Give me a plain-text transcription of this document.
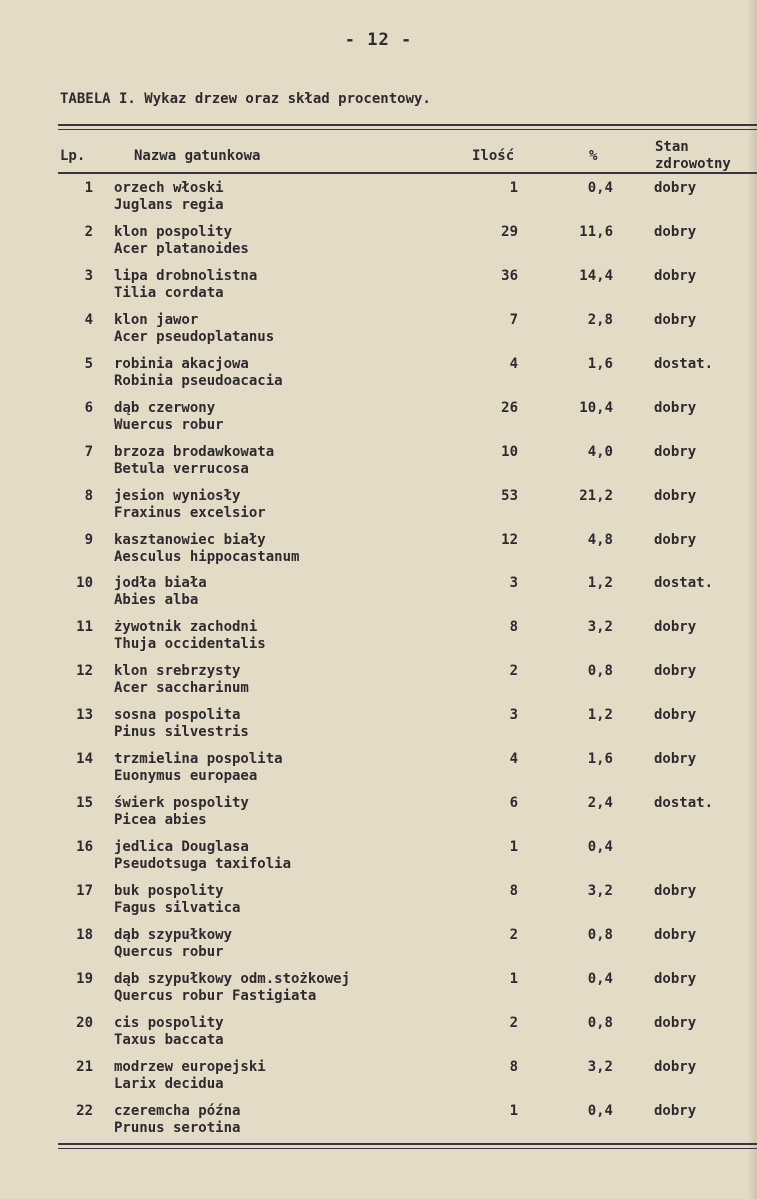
- 12 -
TABELA I. Wykaz drzew oraz skład procentowy.
Lp.	Nazwa gatunkowa	Ilość	%
Stan
zdrowotny
1 orzech włoski
Juglans regia
1	0,4	dobry
2 klon pospolity
Acer platanoides
29	11,6	dobry
3 lipa drobnolistna
Tilia cordata
36	14,4	dobry
4 klon jawor
Acer pseudoplatanus
7	2,8	dobry
5 robinia akacjowa
Robinia pseudoacacia
4	1,6	dostat.
6 dąb czerwony
Wuercus robur
26	10,4	dobry
7 brzoza brodawkowata
Betula verrucosa
10	4,0	dobry
8 jesion wyniosły
Fraxinus excelsior
53	21,2	dobry
9 kasztanowiec biały
Aesculus hippocastanum
12	4,8	dobry
10 jodła biała
Abies alba
3	1,2	dostat.
11 żywotnik zachodni
Thuja occidentalis
8	3,2	dobry
12 klon srebrzysty
Acer saccharinum
2	0,8	dobry
13 sosna pospolita
Pinus silvestris
3	1,2	dobry
14 trzmielina pospolita
Euonymus europaea
4	1,6	dobry
15 świerk pospolity
Picea abies
6	2,4	dostat.
16 jedlica Douglasa
Pseudotsuga taxifolia
1	0,4
17 buk pospolity
Fagus silvatica
8	3,2	dobry
18 dąb szypułkowy
Quercus robur
2	0,8	dobry
19 dąb szypułkowy odm.stożkowej
Quercus robur Fastigiata
1	0,4	dobry
20 cis pospolity
Taxus baccata
2	0,8	dobry
21 modrzew europejski
Larix decidua
8	3,2	dobry
22 czeremcha późna
Prunus serotina
1	0,4	dobry
